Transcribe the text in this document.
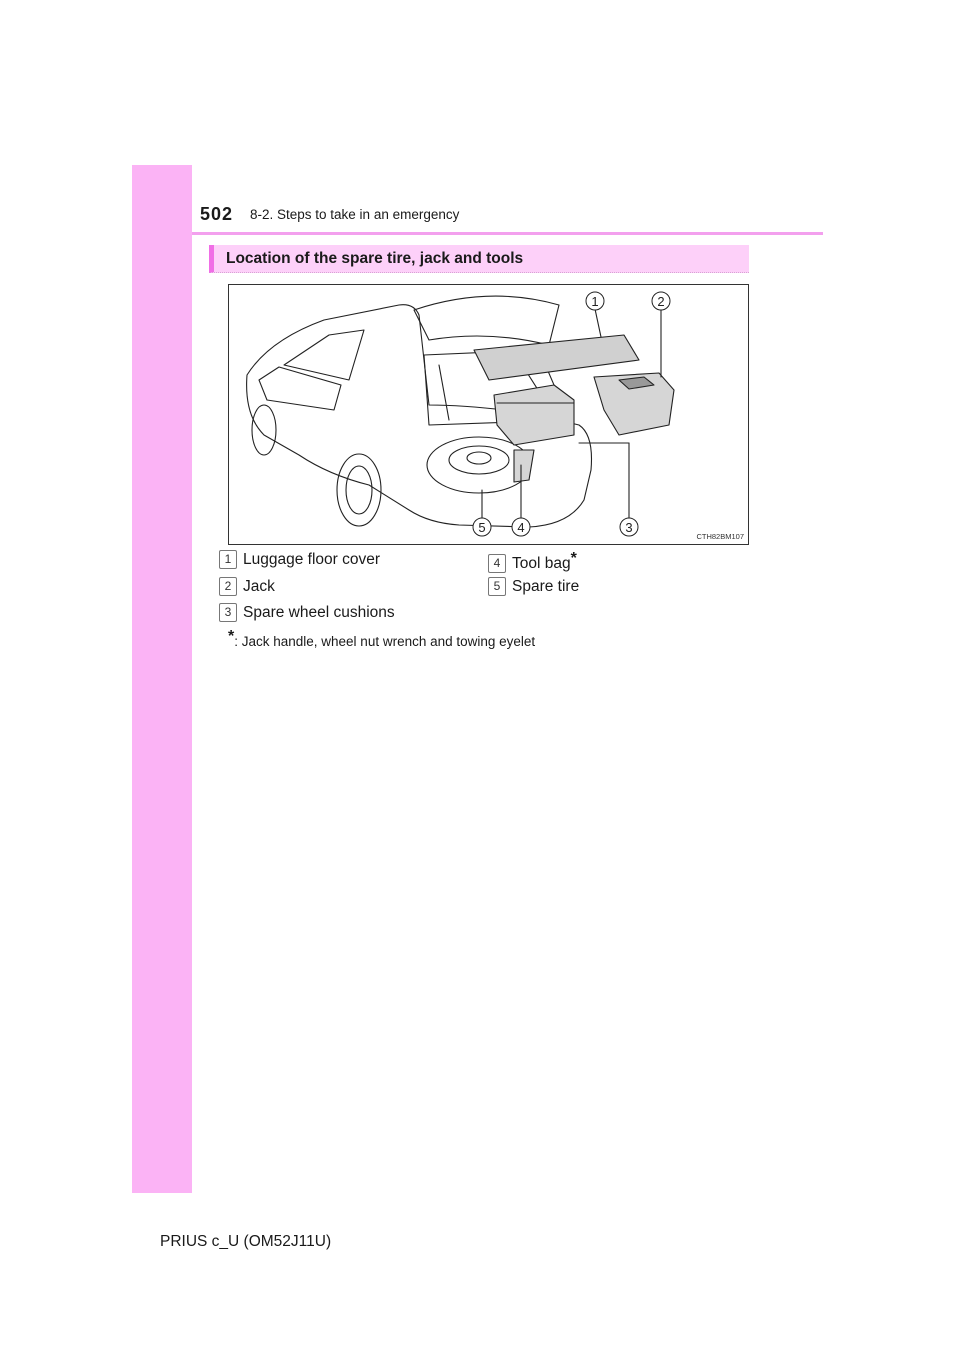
502 8-2. Steps to take in an emergency
Location of the spare tire, jack and tools
1	2
3
4
5
CTH82BM107
1 Luggage floor cover
2 Jack
3 Spare wheel cushions
4 Tool bag*
5 Spare tire
*: Jack handle, wheel nut wrench and towing eyelet
PRIUS c_U (OM52J11U)
